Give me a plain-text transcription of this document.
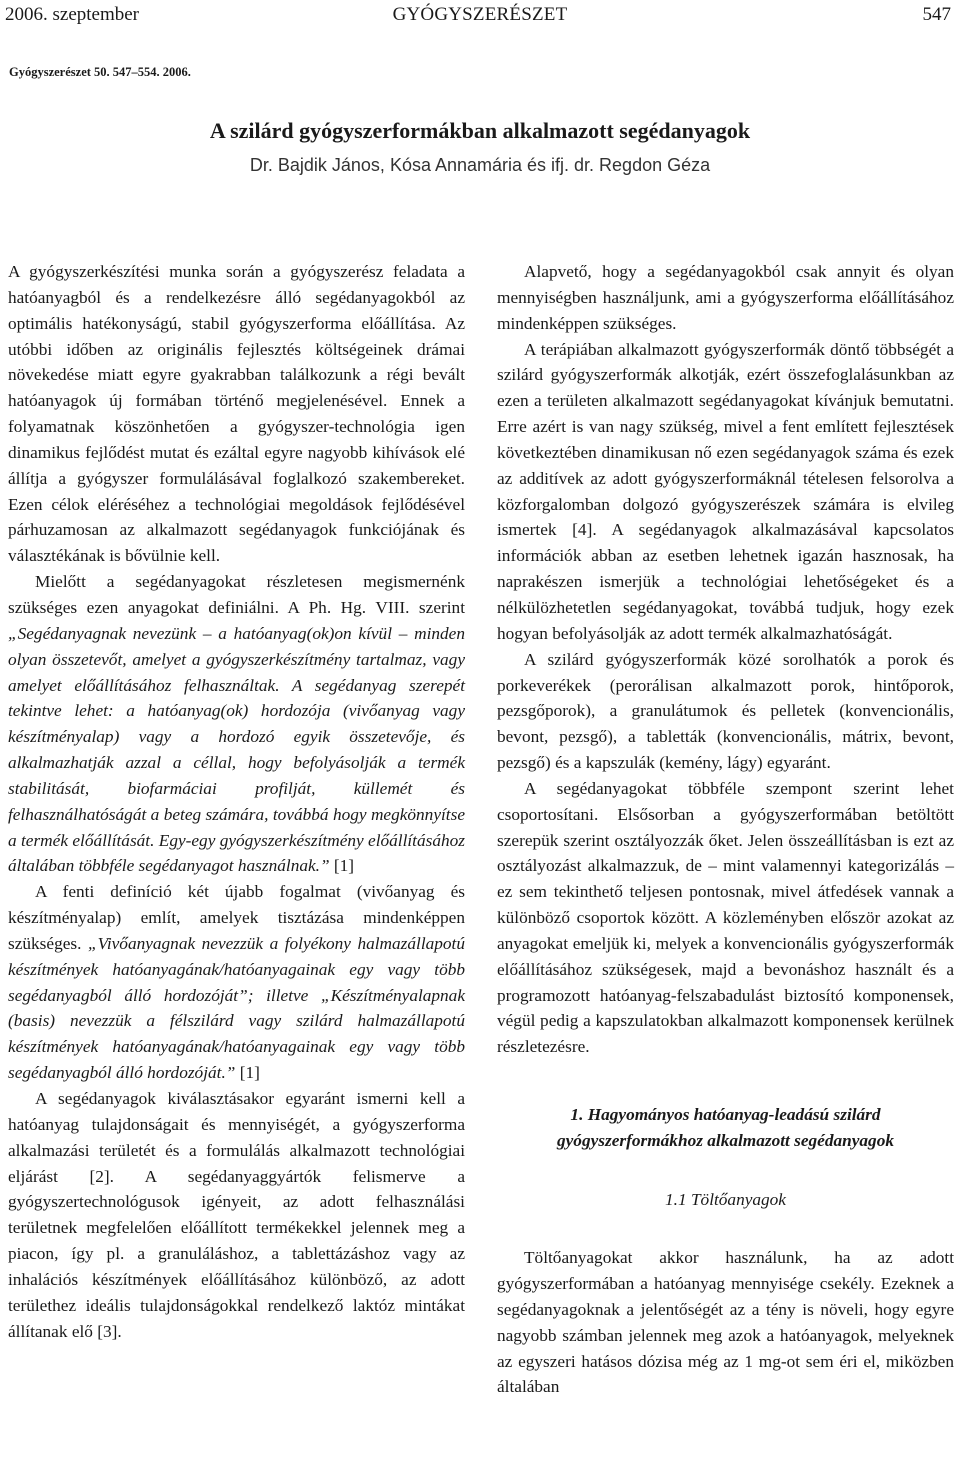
2006. szeptember	GYÓGYSZERÉSZET	547
Gyógyszerészet 50. 547–554. 2006.
A szilárd gyógyszerformákban alkalmazott segédanyagok
Dr. Bajdik János, Kósa Annamária és ifj. dr. Regdon Géza

A gyógyszerkészítési munka során a gyógyszerész feladata a hatóanyagból és a rendelkezésre álló segédanyagokból az optimális hatékonyságú, stabil gyógyszerforma előállítása. Az utóbbi időben az originális fejlesztés költségeinek drámai növekedése miatt egyre gyakrabban találkozunk a régi bevált hatóanyagok új formában történő megjelenésével. Ennek a folyamatnak köszönhetően a gyógyszer-technológia igen dinamikus fejlődést mutat és ezáltal egyre nagyobb kihívások elé állítja a gyógyszer formulálásával foglalkozó szakembereket. Ezen célok eléréséhez a technológiai megoldások fejlődésével párhuzamosan az alkalmazott segédanyagok funkciójának és választékának is bővülnie kell.

Mielőtt a segédanyagokat részletesen megismernénk szükséges ezen anyagokat definiálni. A Ph. Hg. VIII. szerint „Segédanyagnak nevezünk – a hatóanyag(ok)on kívül – minden olyan összetevőt, amelyet a gyógyszerkészítmény tartalmaz, vagy amelyet előállításához felhasználtak. A segédanyag szerepét tekintve lehet: a hatóanyag(ok) hordozója (vivőanyag vagy készítményalap) vagy a hordozó egyik összetevője, és alkalmazhatják azzal a céllal, hogy befolyásolják a termék stabilitását, biofarmáciai profilját, küllemét és felhasználhatóságát a beteg számára, továbbá hogy megkönnyítse a termék előállítását. Egy-egy gyógyszerkészítmény előállításához általában többféle segédanyagot használnak.” [1]

A fenti definíció két újabb fogalmat (vivőanyag és készítményalap) említ, amelyek tisztázása mindenképpen szükséges. „Vivőanyagnak nevezzük a folyékony halmazállapotú készítmények hatóanyagának/hatóanyagainak egy vagy több segédanyagból álló hordozóját”; illetve „Készítményalapnak (basis) nevezzük a félszilárd vagy szilárd halmazállapotú készítmények hatóanyagának/hatóanyagainak egy vagy több segédanyagból álló hordozóját.” [1]

A segédanyagok kiválasztásakor egyaránt ismerni kell a hatóanyag tulajdonságait és mennyiségét, a gyógyszerforma alkalmazási területét és a formulálás alkalmazott technológiai eljárást [2]. A segédanyaggyártók felismerve a gyógyszertechnológusok igényeit, az adott felhasználási területnek megfelelően előállított termékekkel jelennek meg a piacon, így pl. a granuláláshoz, a tablettázáshoz vagy az inhalációs készítmények előállításához különböző, az adott területhez ideális tulajdonságokkal rendelkező laktóz mintákat állítanak elő [3].

Alapvető, hogy a segédanyagokból csak annyit és olyan mennyiségben használjunk, ami a gyógyszerforma előállításához mindenképpen szükséges.

A terápiában alkalmazott gyógyszerformák döntő többségét a szilárd gyógyszerformák alkotják, ezért összefoglalásunkban az ezen a területen alkalmazott segédanyagokat kívánjuk bemutatni. Erre azért is van nagy szükség, mivel a fent említett fejlesztések következtében dinamikusan nő ezen segédanyagok száma és ezek az additívek az adott gyógyszerformáknál tételesen felsorolva a közforgalomban dolgozó gyógyszerészek számára is elvileg ismertek [4]. A segédanyagok alkalmazásával kapcsolatos információk abban az esetben lehetnek igazán hasznosak, ha naprakészen ismerjük a technológiai lehetőségeket és a nélkülözhetetlen segédanyagokat, továbbá tudjuk, hogy ezek hogyan befolyásolják az adott termék alkalmazhatóságát.

A szilárd gyógyszerformák közé sorolhatók a porok és porkeverékek (perorálisan alkalmazott porok, hintőporok, pezsgőporok), a granulátumok és pelletek (konvencionális, bevont, pezsgő), a tabletták (konvencionális, mátrix, bevont, pezsgő) és a kapszulák (kemény, lágy) egyaránt.

A segédanyagokat többféle szempont szerint lehet csoportosítani. Elsősorban a gyógyszerformában betöltött szerepük szerint osztályozzák őket. Jelen összeállításban is ezt az osztályozást alkalmazzuk, de – mint valamennyi kategorizálás – ez sem tekinthető teljesen pontosnak, mivel átfedések vannak a különböző csoportok között. A közleményben először azokat az anyagokat emeljük ki, melyek a konvencionális gyógyszerformák előállításához szükségesek, majd a bevonáshoz használt és a programozott hatóanyag-felszabadulást biztosító komponensek, végül pedig a kapszulatokban alkalmazott komponensek kerülnek részletezésre.

1. Hagyományos hatóanyag-leadású szilárd gyógyszerformákhoz alkalmazott segédanyagok
1.1 Töltőanyagok

Töltőanyagokat akkor használunk, ha az adott gyógyszerformában a hatóanyag mennyisége csekély. Ezeknek a segédanyagoknak a jelentőségét az a tény is növeli, hogy egyre nagyobb számban jelennek meg azok a hatóanyagok, melyeknek az egyszeri hatásos dózisa még az 1 mg-ot sem éri el, miközben általában
